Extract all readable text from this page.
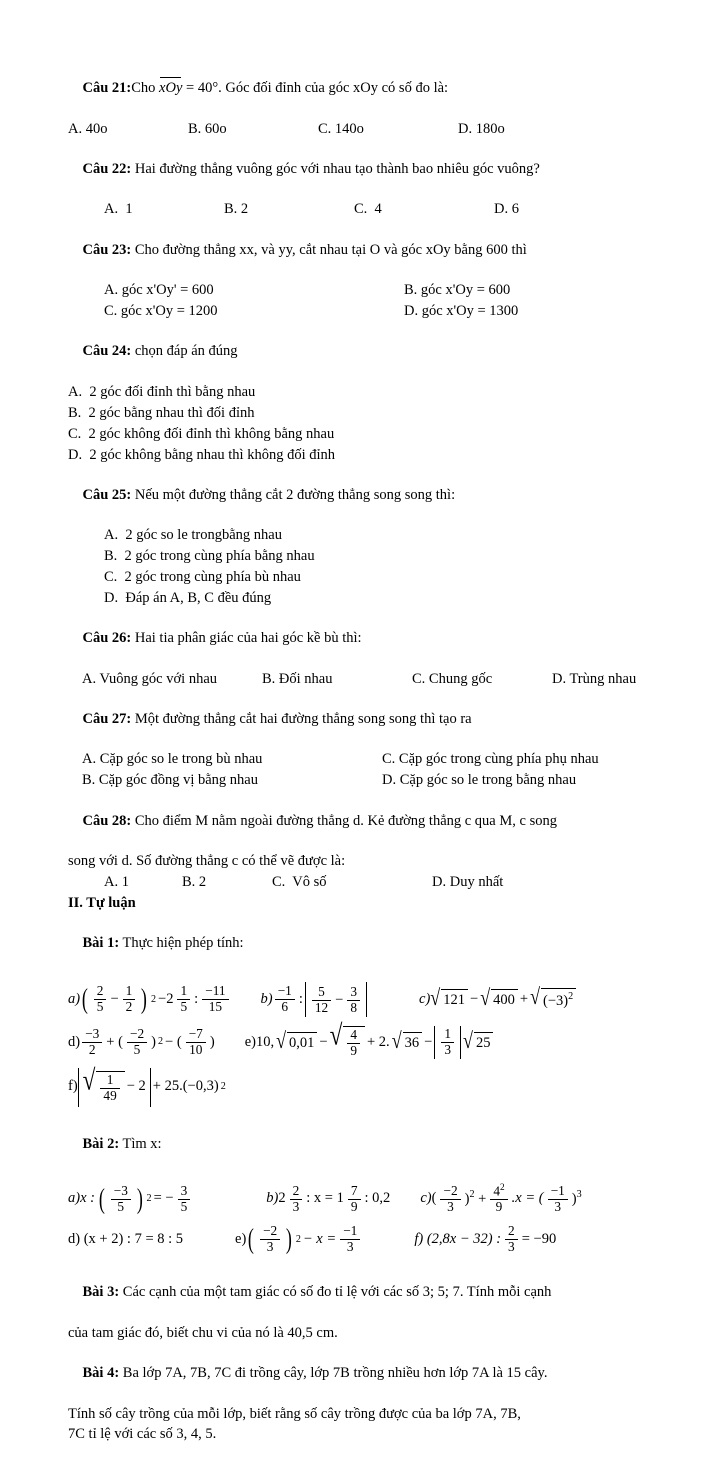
Câu 21:Cho xOy = 40°. Góc đối đỉnh của góc xOy có số đo là:

A. 40o	B. 60o	C. 140o	D. 180o

Câu 22: Hai đường thẳng vuông góc với nhau tạo thành bao nhiêu góc vuông?

A.  1	B. 2	C.  4	D. 6

Câu 23: Cho đường thẳng xx, và yy, cắt nhau tại O và góc xOy bằng 600 thì

A. góc x'Oy' = 600	B. góc x'Oy = 600
C. góc x'Oy = 1200	D. góc x'Oy = 1300

Câu 24: chọn đáp án đúng

A.  2 góc đối đỉnh thì bằng nhau
B.  2 góc bằng nhau thì đối đỉnh
C.  2 góc không đối đỉnh thì không bằng nhau
D.  2 góc không bằng nhau thì không đối đỉnh

Câu 25: Nếu một đường thẳng cắt 2 đường thẳng song song thì:

A.  2 góc so le trongbằng nhau
B.  2 góc trong cùng phía bằng nhau
C.  2 góc trong cùng phía bù nhau
D.  Đáp án A, B, C đều đúng

Câu 26: Hai tia phân giác của hai góc kề bù thì:

A. Vuông góc với nhau	B. Đối nhau	C. Chung gốc	D. Trùng nhau

Câu 27: Một đường thẳng cắt hai đường thẳng song song thì tạo ra

A. Cặp góc so le trong bù nhau	C. Cặp góc trong cùng phía phụ nhau
B. Cặp góc đồng vị bằng nhau	D. Cặp góc so le trong bằng nhau

Câu 28: Cho điểm M nằm ngoài đường thẳng d. Kẻ đường thẳng c qua M, c song

song với d. Số đường thẳng c có thể vẽ được là:
A. 1	B. 2	C.  Vô số	D. Duy nhất
II. Tự luận

Bài 1: Thực hiện phép tính:

a) ( $\frac{2}{5} - \frac{1}{2}$ ) $2 -2 \frac{1}{5}$ : $\frac{-11}{15} b) \frac{-1}{6}$ : $\frac{5}{12} - \frac{3}{8}$	c) √ 121 − √ 400 + √ $(-3)^2$
$d) \frac{-3}{2}$ + ( $\frac{-2}{5}$ ) 2 − ( $\frac{-7}{10}$ ) e) 10, √ 0,01 − √ $\frac{4}{9} + 2$. √ $36 - \frac{1}{3}$ √ 25
f) √ $\frac{1}{49} - 2 + 25.(-0,3)$ 2

Bài 2: Tìm x:

a) x : ( $\frac{-3}{5}$ ) 2 = − $\frac{3}{5}$	b) $2 \frac{2}{3}$ : $x = 1 \frac{7}{9}$ : 0,2 c) ( $\frac{-2}{3} )^2 + \frac{4^2}{9} .x$ = ( $\frac{-1}{3} )^3$
d) (x + 2) : 7 = 8 : 5	e) ( $\frac{-2}{3}$ ) $2 - x = \frac{-1}{3}$	f) (2,8x − 32) : $\frac{2}{3} = -90$

Bài 3: Các cạnh của một tam giác có số đo tỉ lệ với các số 3; 5; 7. Tính mỗi cạnh

của tam giác đó, biết chu vi của nó là 40,5 cm.

Bài 4: Ba lớp 7A, 7B, 7C đi trồng cây, lớp 7B trồng nhiều hơn lớp 7A là 15 cây.

Tính số cây trồng của mỗi lớp, biết rằng số cây trồng được của ba lớp 7A, 7B,
7C tỉ lệ với các số 3, 4, 5.
